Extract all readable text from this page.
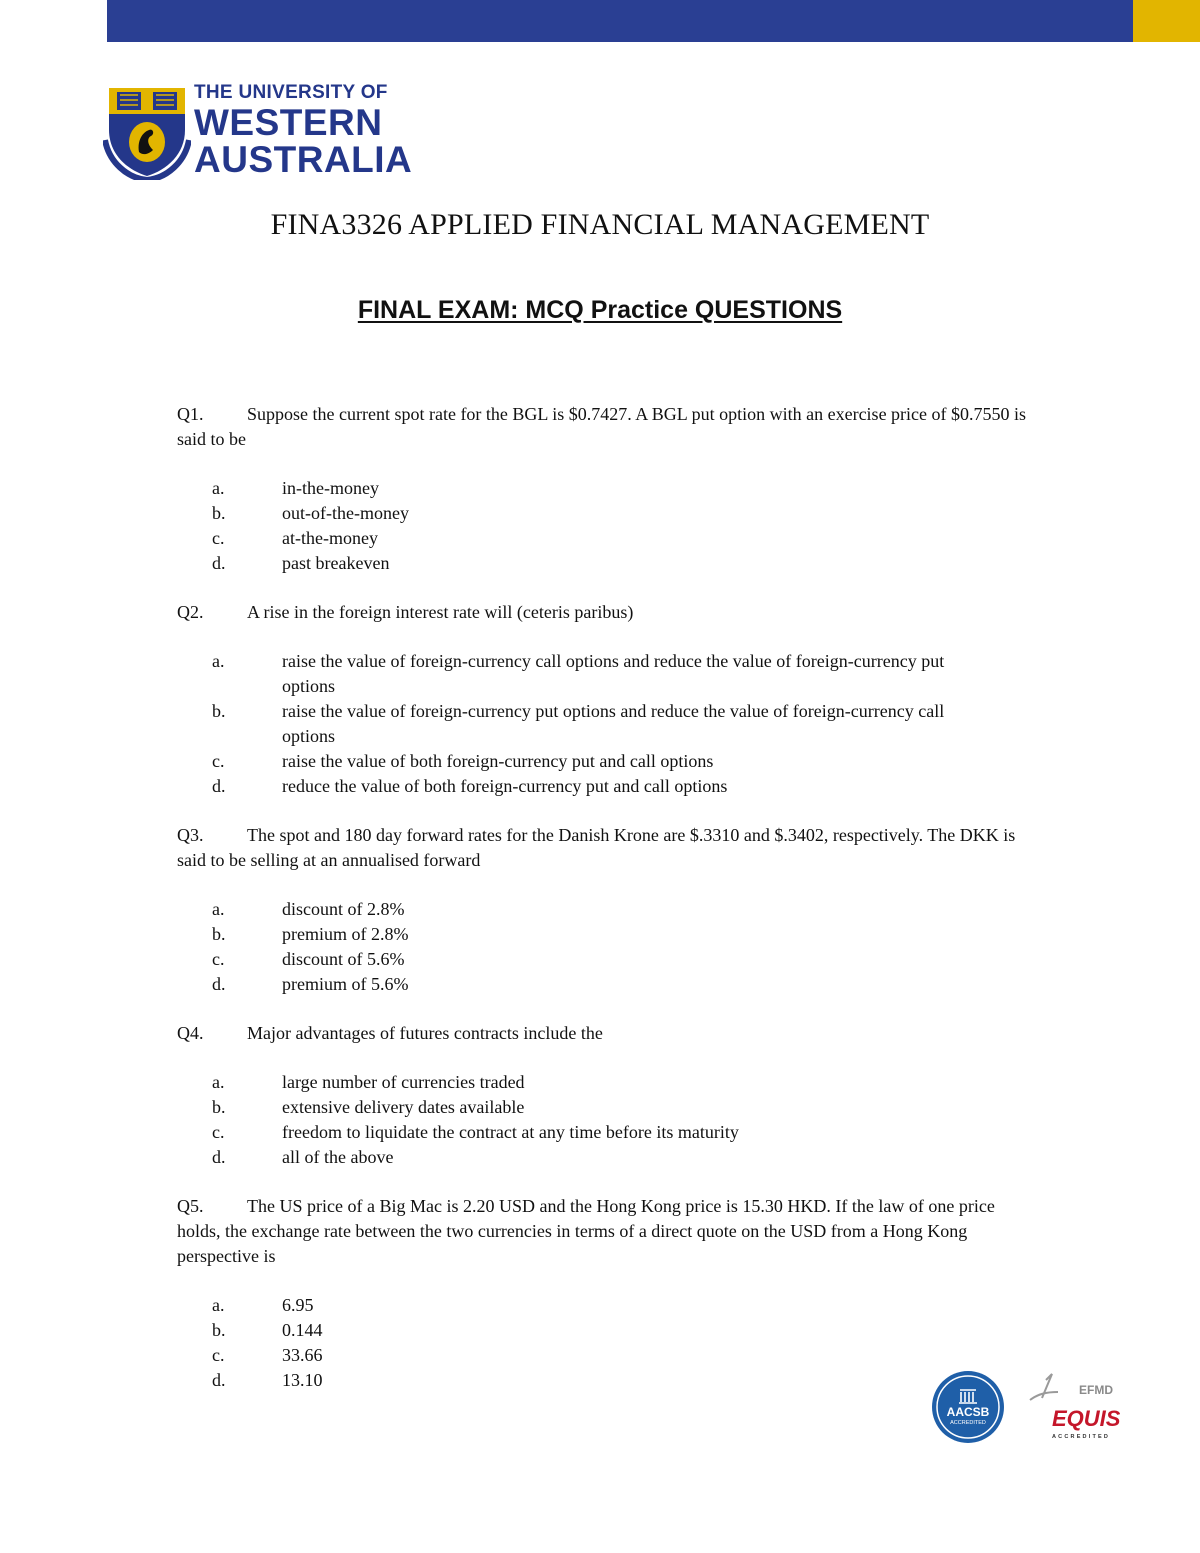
THE UNIVERSITY OF
WESTERN
AUSTRALIA
FINA3326 APPLIED FINANCIAL MANAGEMENT
FINAL EXAM: MCQ Practice QUESTIONS
Q1. Suppose the current spot rate for the BGL is $0.7427. A BGL put option with an exercise price of $0.7550 is said to be
a.	in-the-money
b.	out-of-the-money
c.	at-the-money
d.	past breakeven
Q2. A rise in the foreign interest rate will (ceteris paribus)
a.	raise the value of foreign-currency call options and reduce the value of foreign-currency put options
b.	raise the value of foreign-currency put options and reduce the value of foreign-currency call options
c.	raise the value of both foreign-currency put and call options
d.	reduce the value of both foreign-currency put and call options
Q3. The spot and 180 day forward rates for the Danish Krone are $.3310 and $.3402, respectively. The DKK is said to be selling at an annualised forward
a.	discount of 2.8%
b.	premium of 2.8%
c.	discount of 5.6%
d.	premium of 5.6%
Q4. Major advantages of futures contracts include the
a.	large number of currencies traded
b.	extensive delivery dates available
c.	freedom to liquidate the contract at any time before its maturity
d.	all of the above
Q5. The US price of a Big Mac is 2.20 USD and the Hong Kong price is 15.30 HKD. If the law of one price holds, the exchange rate between the two currencies in terms of a direct quote on the USD from a Hong Kong perspective is
a.	6.95
b.	0.144
c.	33.66
d.	13.10
AACSB
ACCREDITED
EFMD
EQUIS
ACCREDITED
